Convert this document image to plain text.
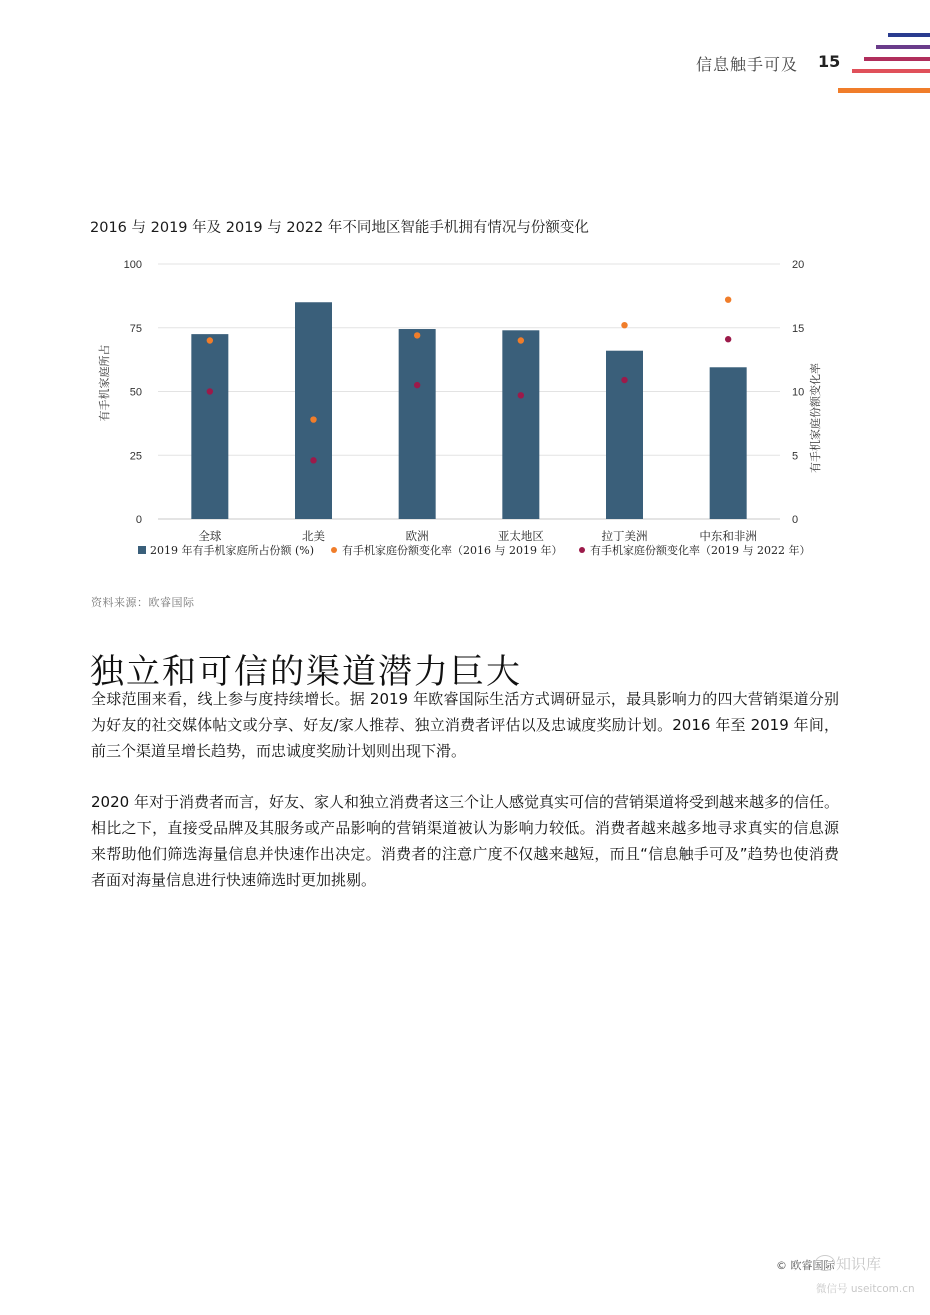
信息触手可及 15
2016 与 2019 年及 2019 与 2022 年不同地区智能手机拥有情况与份额变化
0
25
50
75
100
0
5
10
15
20
全球	北美	欧洲	亚太地区	拉丁美洲	中东和非洲
有手机家庭所占	有手机家庭份额变化率
2019 年有手机家庭所占份额 (%)	有手机家庭份额变化率（2016 与 2019 年）	有手机家庭份额变化率（2019 与 2022 年）
资料来源：欧睿国际
独立和可信的渠道潜力巨大

全球范围来看，线上参与度持续增长。据 2019 年欧睿国际生活方式调研显示，最具影响力的四大营销渠道分别为好友的社交媒体帖文或分享、好友/家人推荐、独立消费者评估以及忠诚度奖励计划。2016 年至 2019 年间，前三个渠道呈增长趋势，而忠诚度奖励计划则出现下滑。

2020 年对于消费者而言，好友、家人和独立消费者这三个让人感觉真实可信的营销渠道将受到越来越多的信任。相比之下，直接受品牌及其服务或产品影响的营销渠道被认为影响力较低。消费者越来越多地寻求真实的信息源来帮助他们筛选海量信息并快速作出决定。消费者的注意广度不仅越来越短，而且“信息触手可及”趋势也使消费者面对海量信息进行快速筛选时更加挑剔。

© 欧睿国际 知识库
微信号 useitcom.cn
